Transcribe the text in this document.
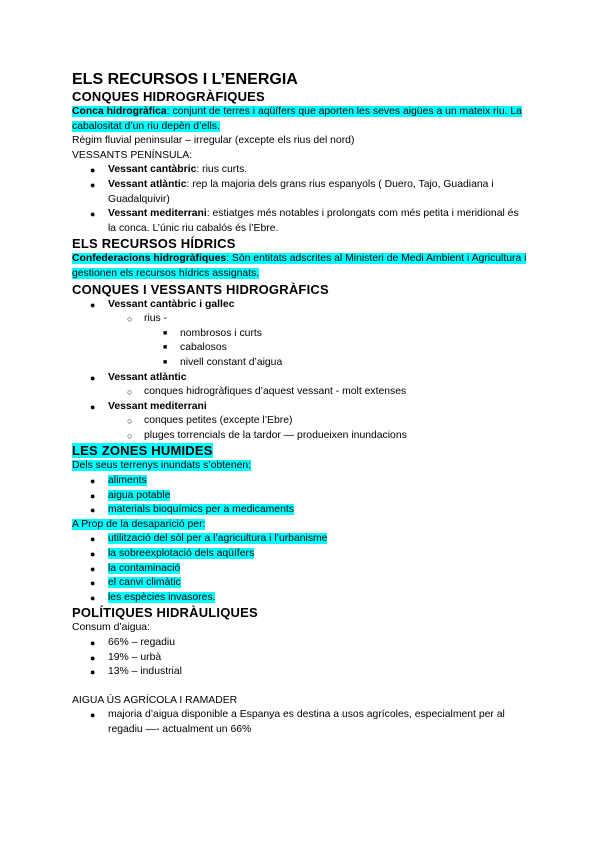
ELS RECURSOS I L’ENERGIA
CONQUES HIDROGRÀFIQUES

Conca hidrogràfica: conjunt de terres i aqüífers que aporten les seves aigües a un mateix riu. La cabalositat d’un riu depèn d’ells.

Règim fluvial peninsular – irregular (excepte els rius del nord)

VESSANTS PENÍNSULA:

● Vessant cantàbric: rius curts.
● Vessant atlàntic: rep la majoria dels grans rius espanyols ( Duero, Tajo, Guadiana i Guadalquivir)
● Vessant mediterrani: estiatges més notables i prolongats com més petita i meridional és la conca. L’únic riu cabalós és l’Ebre.
ELS RECURSOS HÍDRICS

Confederacions hidrogràfiques: Són entitats adscrites al Ministeri de Medi Ambient i Agricultura i gestionen els recursos hídrics assignats.

CONQUES I VESSANTS HIDROGRÀFICS
● Vessant cantàbric i gallec
○ rius -
■ nombrosos i curts
■ cabalosos
■ nivell constant d’aigua
● Vessant atlàntic
○ conques hidrogràfiques d’aquest vessant - molt extenses
● Vessant mediterrani
○ conques petites (excepte l’Ebre)
○ pluges torrencials de la tardor — produeixen inundacions
LES ZONES HUMIDES

Dels seus terrenys inundats s’obtenen:

● aliments
● aigua potable
● materials bioquímics per a medicaments

A Prop de la desaparició per:

● utilització del sòl per a l’agricultura i l’urbanisme
● la sobreexplotació dels aqüífers
● la contaminació
● el canvi climàtic
● les espècies invasores.
POLÍTIQUES HIDRÀULIQUES

Consum d’aigua:

● 66% – regadiu
● 19% – urbà
● 13% – industrial

AIGUA ÚS AGRÍCOLA I RAMADER

● majoria d’aigua disponible a Espanya es destina a usos agrícoles, especialment per al regadiu —- actualment un 66%
